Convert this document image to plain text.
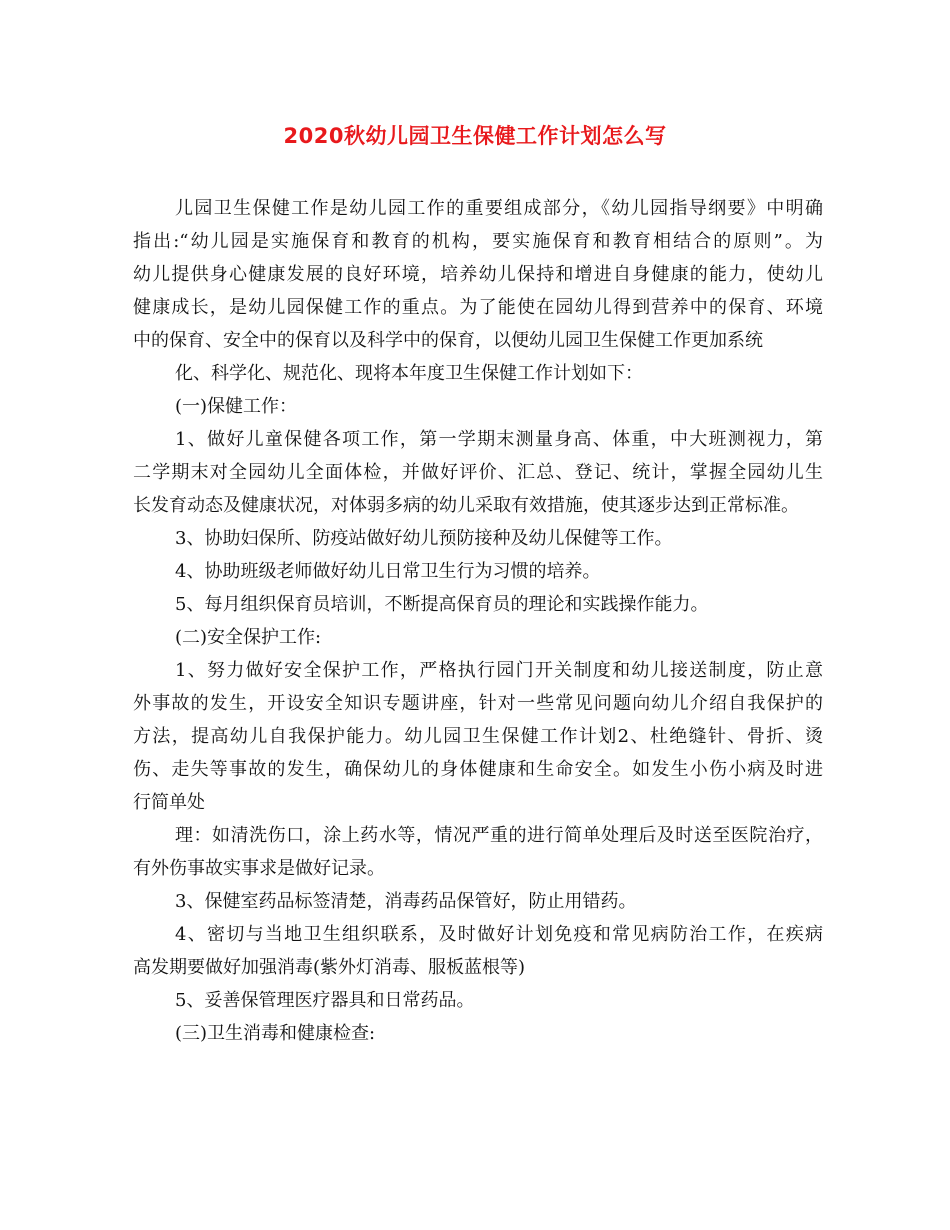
2020秋幼儿园卫生保健工作计划怎么写
儿园卫生保健工作是幼儿园工作的重要组成部分，《幼儿园指导纲要》中明确
指出:“幼儿园是实施保育和教育的机构，要实施保育和教育相结合的原则”。为
幼儿提供身心健康发展的良好环境，培养幼儿保持和增进自身健康的能力，使幼儿
健康成长，是幼儿园保健工作的重点。为了能使在园幼儿得到营养中的保育、环境
中的保育、安全中的保育以及科学中的保育，以便幼儿园卫生保健工作更加系统
化、科学化、规范化、现将本年度卫生保健工作计划如下：
(一)保健工作：
1、做好儿童保健各项工作，第一学期末测量身高、体重，中大班测视力，第
二学期末对全园幼儿全面体检，并做好评价、汇总、登记、统计，掌握全园幼儿生
长发育动态及健康状况，对体弱多病的幼儿采取有效措施，使其逐步达到正常标准。
3、协助妇保所、防疫站做好幼儿预防接种及幼儿保健等工作。
4、协助班级老师做好幼儿日常卫生行为习惯的培养。
5、每月组织保育员培训，不断提高保育员的理论和实践操作能力。
(二)安全保护工作:
1、努力做好安全保护工作，严格执行园门开关制度和幼儿接送制度，防止意
外事故的发生，开设安全知识专题讲座，针对一些常见问题向幼儿介绍自我保护的
方法，提高幼儿自我保护能力。幼儿园卫生保健工作计划2、杜绝缝针、骨折、烫
伤、走失等事故的发生，确保幼儿的身体健康和生命安全。如发生小伤小病及时进
行简单处
理：如清洗伤口，涂上药水等，情况严重的进行简单处理后及时送至医院治疗，
有外伤事故实事求是做好记录。
3、保健室药品标签清楚，消毒药品保管好，防止用错药。
4、密切与当地卫生组织联系，及时做好计划免疫和常见病防治工作，在疾病
高发期要做好加强消毒(紫外灯消毒、服板蓝根等)
5、妥善保管理医疗器具和日常药品。
(三)卫生消毒和健康检查:
